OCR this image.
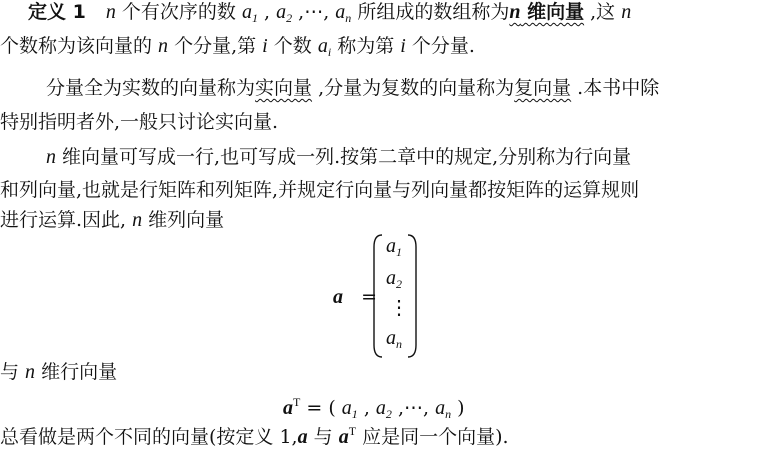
定义 1 n 个有次序的数 $a_1$ , $a_2$ ,⋯, $a_n$ 所组成的数组称为n 维向量 ,这 n
个数称为该向量的 n 个分量,第 i 个数 $a_i$ 称为第 i 个分量.
分量全为实数的向量称为实向量 ,分量为复数的向量称为复向量 .本书中除
特别指明者外,一般只讨论实向量.
n 维向量可写成一行,也可写成一列.按第二章中的规定,分别称为行向量
和列向量,也就是行矩阵和列矩阵,并规定行向量与列向量都按矩阵的运算规则
进行运算.因此, n 维列向量
a =
$a_1$
$a_2$
⋮
$a_n$
与 n 维行向量
$a^T$ = ( $a_1$ , $a_2$ ,⋯, $a_n$ )
总看做是两个不同的向量(按定义 1,a 与 $a^T$ 应是同一个向量).
